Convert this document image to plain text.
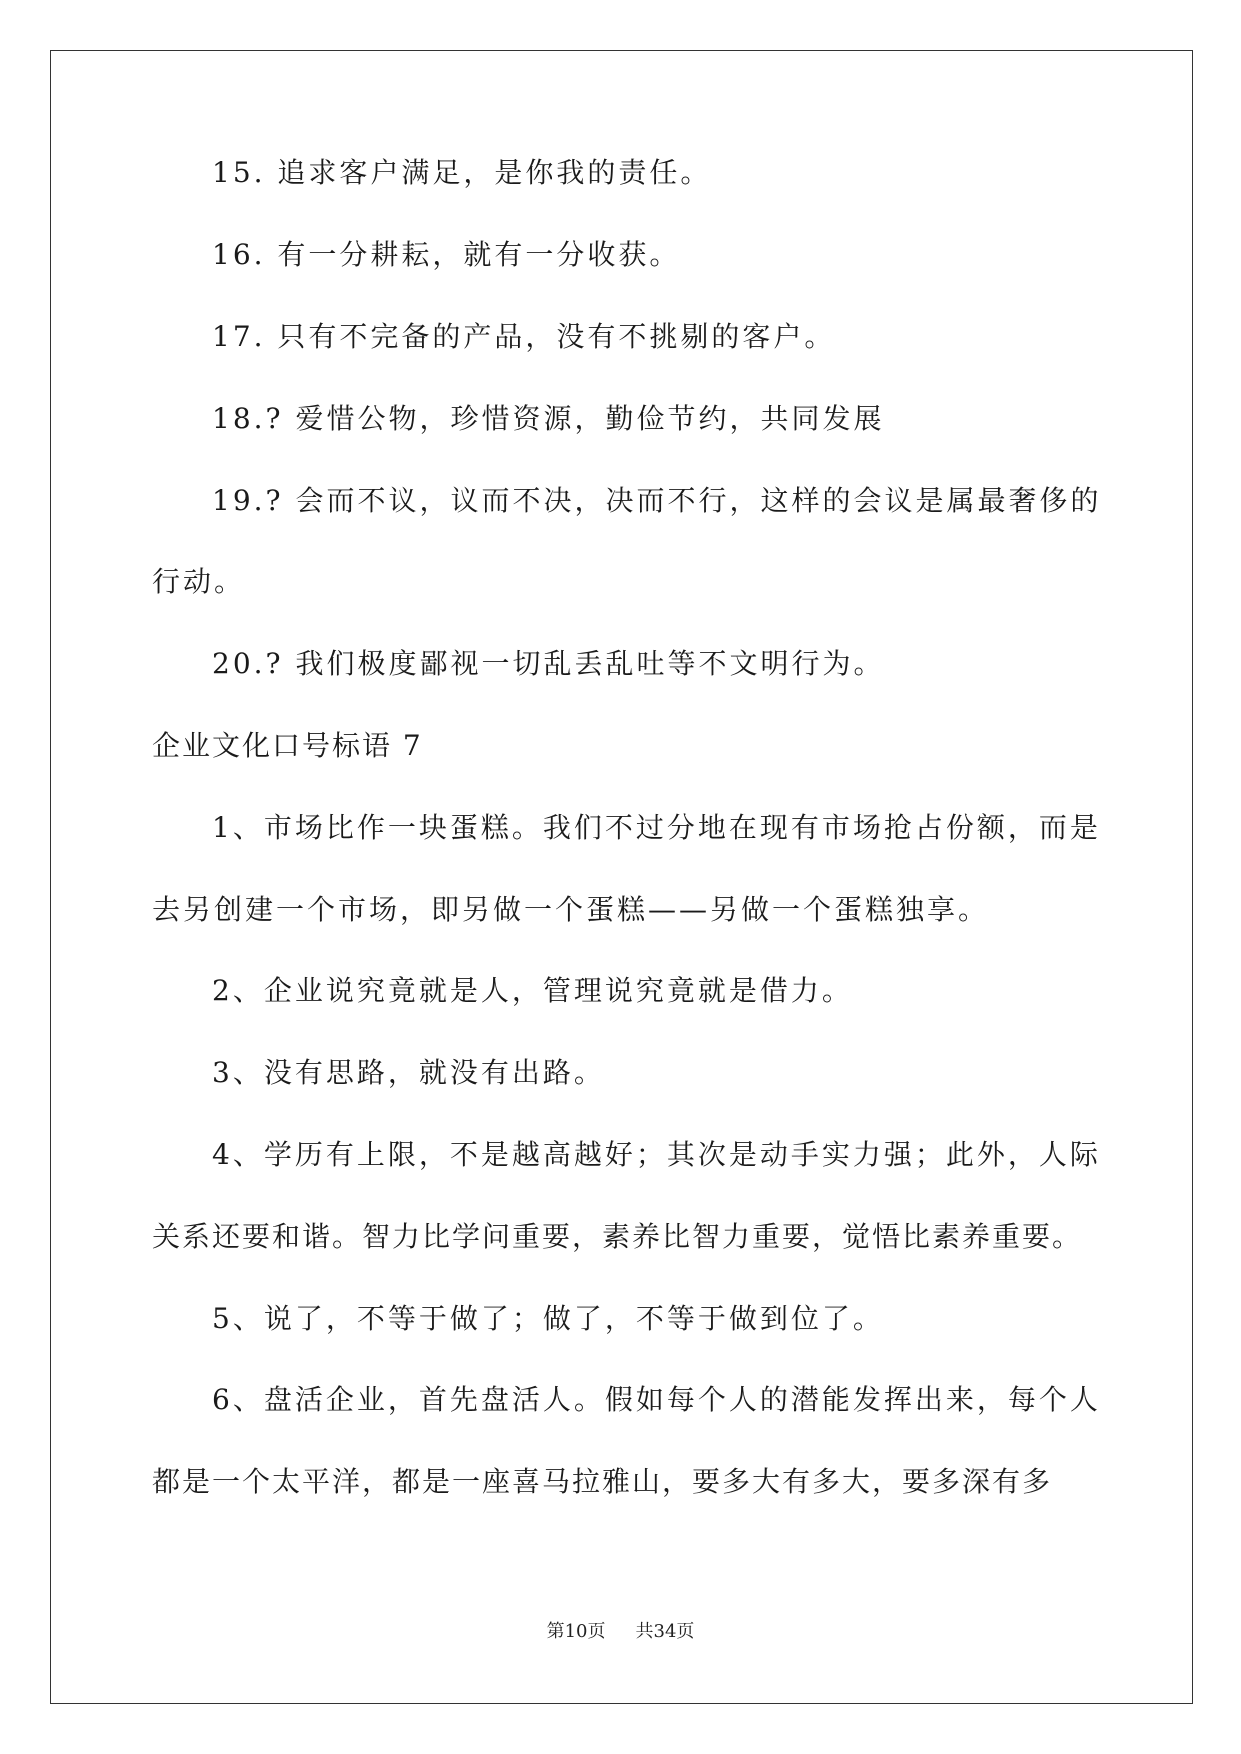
15. 追求客户满足，是你我的责任。
16. 有一分耕耘，就有一分收获。
17. 只有不完备的产品，没有不挑剔的客户。
18.? 爱惜公物，珍惜资源，勤俭节约，共同发展
19.? 会而不议，议而不决，决而不行，这样的会议是属最奢侈的
行动。
20.? 我们极度鄙视一切乱丢乱吐等不文明行为。
企业文化口号标语 7
1、市场比作一块蛋糕。我们不过分地在现有市场抢占份额，而是
去另创建一个市场，即另做一个蛋糕——另做一个蛋糕独享。
2、企业说究竟就是人，管理说究竟就是借力。
3、没有思路，就没有出路。
4、学历有上限，不是越高越好；其次是动手实力强；此外，人际
关系还要和谐。智力比学问重要，素养比智力重要，觉悟比素养重要。
5、说了，不等于做了；做了，不等于做到位了。
6、盘活企业，首先盘活人。假如每个人的潜能发挥出来，每个人
都是一个太平洋，都是一座喜马拉雅山，要多大有多大，要多深有多
第10页 共34页
